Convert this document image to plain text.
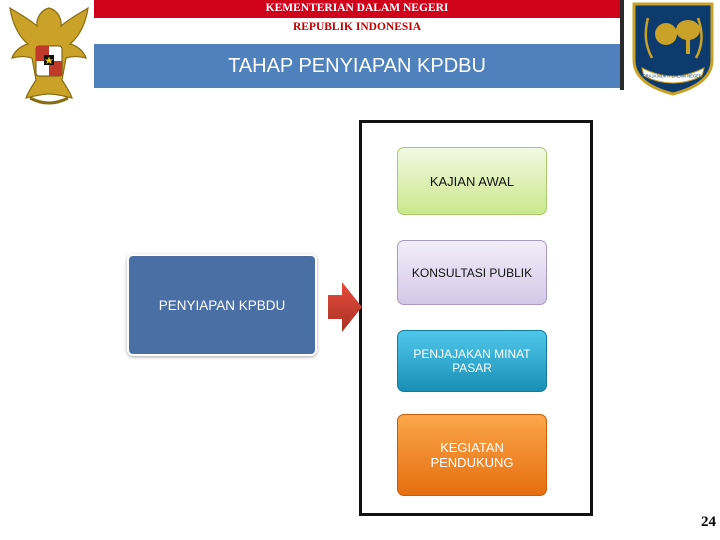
KEMENTERIAN DALAM NEGERI
REPUBLIK INDONESIA
TAHAP PENYIAPAN KPDBU	PRAJA MUKTI DALAM NEGERI
PENYIAPAN KPBDU
KAJIAN AWAL
KONSULTASI PUBLIK
PENJAJAKAN MINAT PASAR
KEGIATAN PENDUKUNG
24
